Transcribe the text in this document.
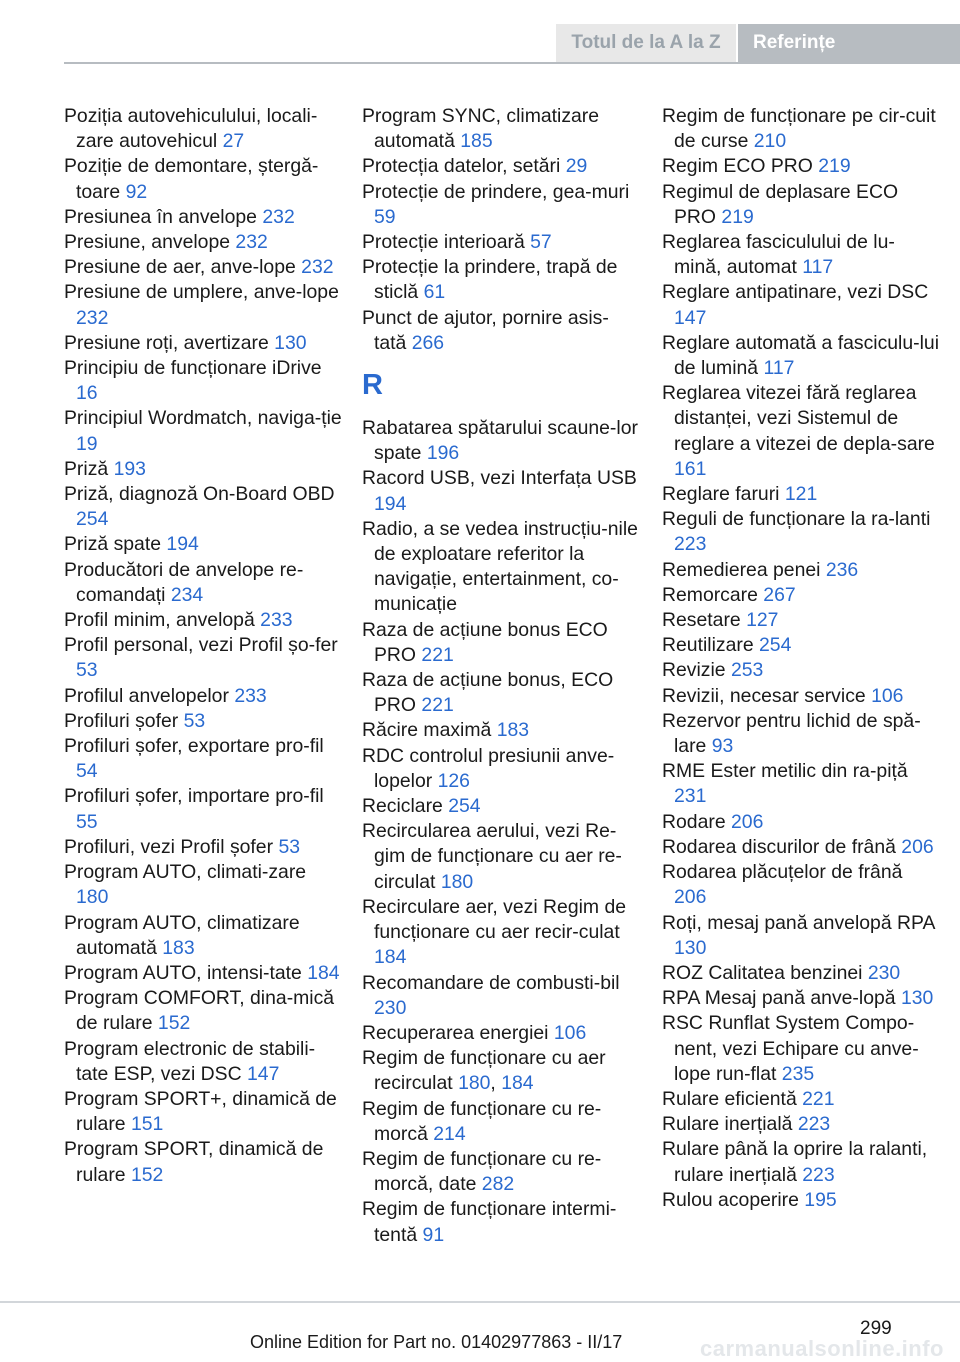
Totul de la A la Z	Referințe
Poziția autovehiculului, locali‐zare autovehicul 27
Poziție de demontare, ștergă‐toare 92
Presiunea în anvelope 232
Presiune, anvelope 232
Presiune de aer, anve‐lope 232
Presiune de umplere, anve‐lope 232
Presiune roți, avertizare 130
Principiu de funcționare iDrive 16
Principiul Wordmatch, naviga‐ție 19
Priză 193
Priză, diagnoză On-Board OBD 254
Priză spate 194
Producători de anvelope re‐comandați 234
Profil minim, anvelopă 233
Profil personal, vezi Profil șo‐fer 53
Profilul anvelopelor 233
Profiluri șofer 53
Profiluri șofer, exportare pro‐fil 54
Profiluri șofer, importare pro‐fil 55
Profiluri, vezi Profil șofer 53
Program AUTO, climati‐zare 180
Program AUTO, climatizare automată 183
Program AUTO, intensi‐tate 184
Program COMFORT, dina‐mică de rulare 152
Program electronic de stabili‐tate ESP, vezi DSC 147
Program SPORT+, dinamică de rulare 151
Program SPORT, dinamică de rulare 152
Program SYNC, climatizare automată 185
Protecția datelor, setări 29
Protecție de prindere, gea‐muri 59
Protecție interioară 57
Protecție la prindere, trapă de sticlă 61
Punct de ajutor, pornire asis‐tată 266
R
Rabatarea spătarului scaune‐lor spate 196
Racord USB, vezi Interfața USB 194
Radio, a se vedea instrucțiu‐nile de exploatare referitor la navigație, entertainment, co‐municație
Raza de acțiune bonus ECO PRO 221
Raza de acțiune bonus, ECO PRO 221
Răcire maximă 183
RDC controlul presiunii anve‐lopelor 126
Reciclare 254
Recircularea aerului, vezi Re‐gim de funcționare cu aer re‐circulat 180
Recirculare aer, vezi Regim de funcționare cu aer recir‐culat 184
Recomandare de combusti‐bil 230
Recuperarea energiei 106
Regim de funcționare cu aer recirculat 180, 184
Regim de funcționare cu re‐morcă 214
Regim de funcționare cu re‐morcă, date 282
Regim de funcționare intermi‐tentă 91
Regim de funcționare pe cir‐cuit de curse 210
Regim ECO PRO 219
Regimul de deplasare ECO PRO 219
Reglarea fasciculului de lu‐mină, automat 117
Reglare antipatinare, vezi DSC 147
Reglare automată a fasciculu‐lui de lumină 117
Reglarea vitezei fără reglarea distanței, vezi Sistemul de reglare a vitezei de depla‐sare 161
Reglare faruri 121
Reguli de funcționare la ra‐lanti 223
Remedierea penei 236
Remorcare 267
Resetare 127
Reutilizare 254
Revizie 253
Revizii, necesar service 106
Rezervor pentru lichid de spă‐lare 93
RME Ester metilic din ra‐piță 231
Rodare 206
Rodarea discurilor de frână 206
Rodarea plăcuțelor de frână 206
Roți, mesaj pană anvelopă RPA 130
ROZ Calitatea benzinei 230
RPA Mesaj pană anve‐lopă 130
RSC Runflat System Compo‐nent, vezi Echipare cu anve‐lope run-flat 235
Rulare eficientă 221
Rulare inerțială 223
Rulare până la oprire la ralanti, rulare inerțială 223
Rulou acoperire 195
299
Online Edition for Part no. 01402977863 - II/17	carmanualsonline.info
